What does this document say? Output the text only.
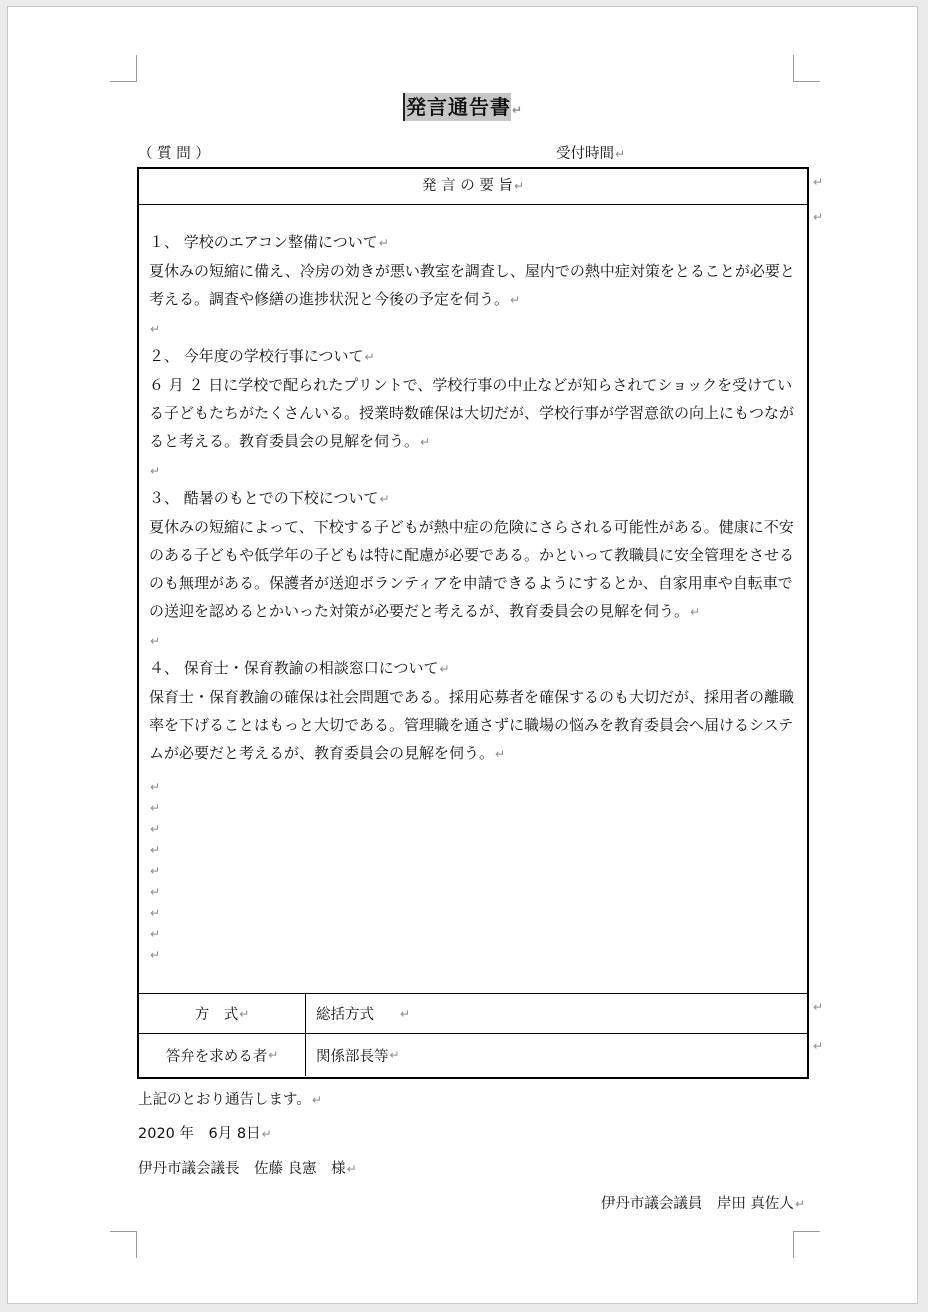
発言通告書↵
（ 質 問 ）	受付時間↵
発 言 の 要 旨↵

１、 学校のエアコン整備について↵

夏休みの短縮に備え、冷房の効きが悪い教室を調査し、屋内での熱中症対策をとることが必要と考える。調査や修繕の進捗状況と今後の予定を伺う。↵

↵

２、 今年度の学校行事について↵

６ 月 ２ 日に学校で配られたプリントで、学校行事の中止などが知らされてショックを受けている子どもたちがたくさんいる。授業時数確保は大切だが、学校行事が学習意欲の向上にもつながると考える。教育委員会の見解を伺う。↵

↵

３、 酷暑のもとでの下校について↵

夏休みの短縮によって、下校する子どもが熱中症の危険にさらされる可能性がある。健康に不安のある子どもや低学年の子どもは特に配慮が必要である。かといって教職員に安全管理をさせるのも無理がある。保護者が送迎ボランティアを申請できるようにするとか、自家用車や自転車での送迎を認めるとかいった対策が必要だと考えるが、教育委員会の見解を伺う。↵

↵

４、 保育士・保育教諭の相談窓口について↵

保育士・保育教諭の確保は社会問題である。採用応募者を確保するのも大切だが、採用者の離職率を下げることはもっと大切である。管理職を通さずに職場の悩みを教育委員会へ届けるシステムが必要だと考えるが、教育委員会の見解を伺う。↵

↵
↵
↵
↵
↵
↵
↵
↵
↵
方　式 ↵	総括方式 ↵
答弁を求める者 ↵	関係部長等 ↵
↵
↵
↵
↵
上記のとおり通告します。↵
2020 年　6月 8日↵
伊丹市議会議長　佐藤 良憲　様↵
伊丹市議会議員　岸田 真佐人↵
